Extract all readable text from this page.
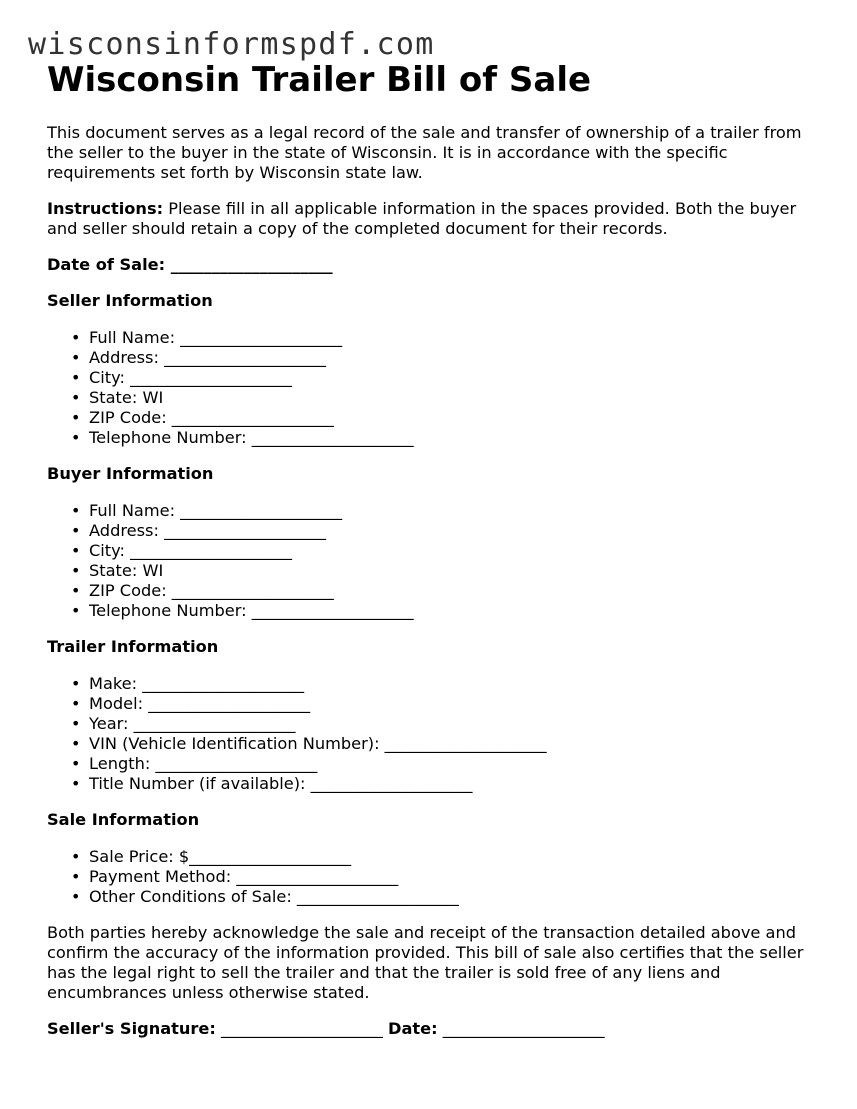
wisconsinformspdf.com
Wisconsin Trailer Bill of Sale

This document serves as a legal record of the sale and transfer of ownership of a trailer from the seller to the buyer in the state of Wisconsin. It is in accordance with the specific requirements set forth by Wisconsin state law.

Instructions: Please fill in all applicable information in the spaces provided. Both the buyer and seller should retain a copy of the completed document for their records.

Date of Sale: ____________________

Seller Information
• Full Name: ____________________
• Address: ____________________
• City: ____________________
• State: WI
• ZIP Code: ____________________
• Telephone Number: ____________________
Buyer Information
• Full Name: ____________________
• Address: ____________________
• City: ____________________
• State: WI
• ZIP Code: ____________________
• Telephone Number: ____________________
Trailer Information
• Make: ____________________
• Model: ____________________
• Year: ____________________
• VIN (Vehicle Identification Number): ____________________
• Length: ____________________
• Title Number (if available): ____________________
Sale Information
• Sale Price: $____________________
• Payment Method: ____________________
• Other Conditions of Sale: ____________________

Both parties hereby acknowledge the sale and receipt of the transaction detailed above and confirm the accuracy of the information provided. This bill of sale also certifies that the seller has the legal right to sell the trailer and that the trailer is sold free of any liens and encumbrances unless otherwise stated.

Seller's Signature: ____________________ Date: ____________________
